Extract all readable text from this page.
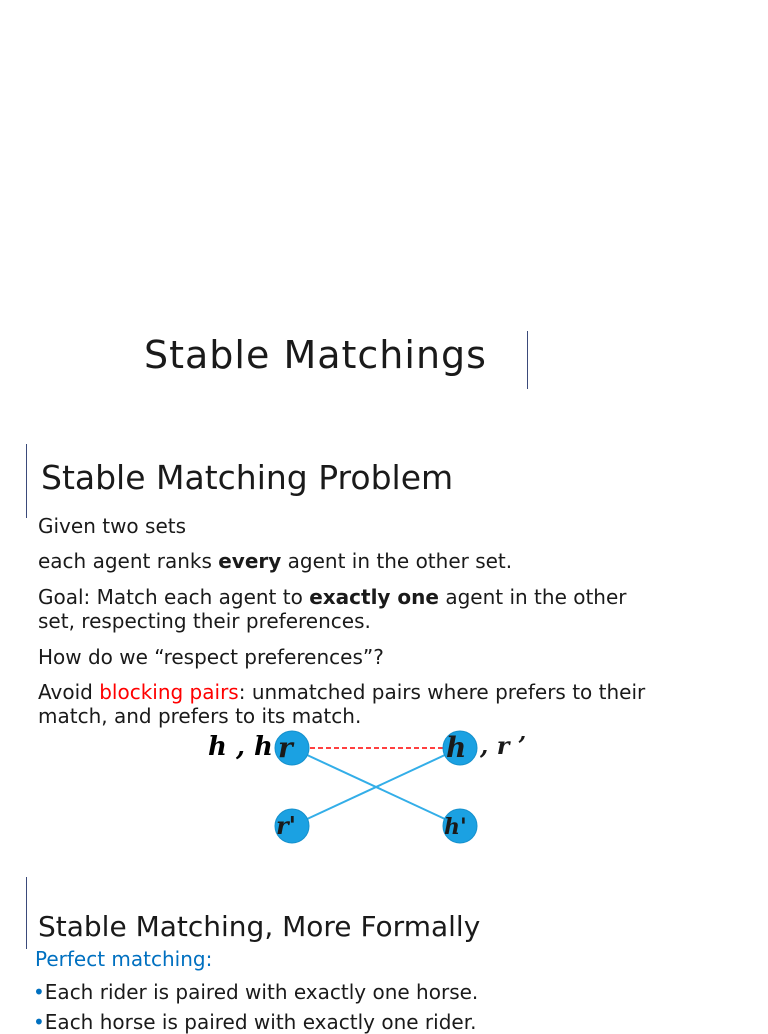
Stable Matchings
Stable Matching Problem
Given two sets
each agent ranks every agent in the other set.
Goal: Match each agent to exactly one agent in the other
set, respecting their preferences.
How do we “respect preferences”?
Avoid blocking pairs: unmatched pairs where prefers to their
match, and prefers to its match.
h , h r	h , r ’
r'	h'
Stable Matching, More Formally
Perfect matching:
•Each rider is paired with exactly one horse.
•Each horse is paired with exactly one rider.
